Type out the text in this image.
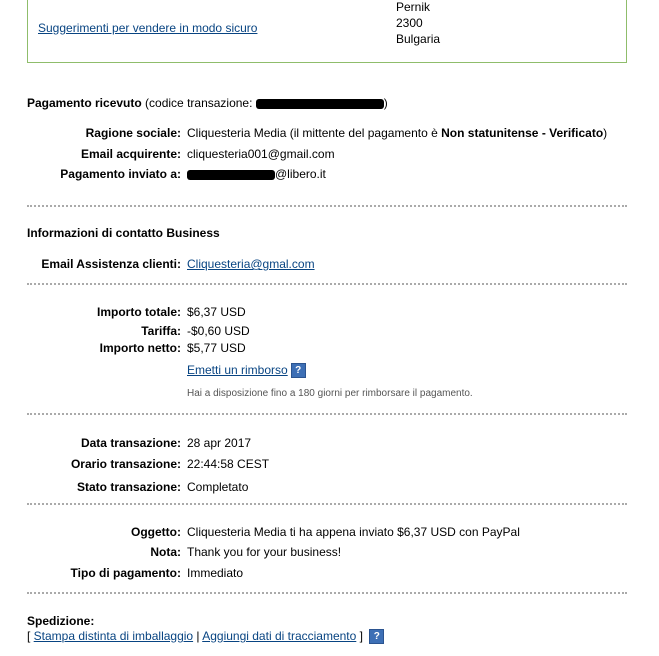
Suggerimenti per vendere in modo sicuro
Pernik
2300
Bulgaria
Pagamento ricevuto (codice transazione:	)
Ragione sociale: Cliquesteria Media (il mittente del pagamento è Non statunitense - Verificato)
Email acquirente: cliquesteria001@gmail.com
Pagamento inviato a:	@libero.it
Informazioni di contatto Business
Email Assistenza clienti: Cliquesteria@gmal.com
Importo totale: $6,37 USD
Tariffa: -$0,60 USD
Importo netto: $5,77 USD
Emetti un rimborso ?
Hai a disposizione fino a 180 giorni per rimborsare il pagamento.
Data transazione: 28 apr 2017
Orario transazione: 22:44:58 CEST
Stato transazione: Completato
Oggetto: Cliquesteria Media ti ha appena inviato $6,37 USD con PayPal
Nota: Thank you for your business!
Tipo di pagamento: Immediato
Spedizione:
[ Stampa distinta di imballaggio | Aggiungi dati di tracciamento ] ?
